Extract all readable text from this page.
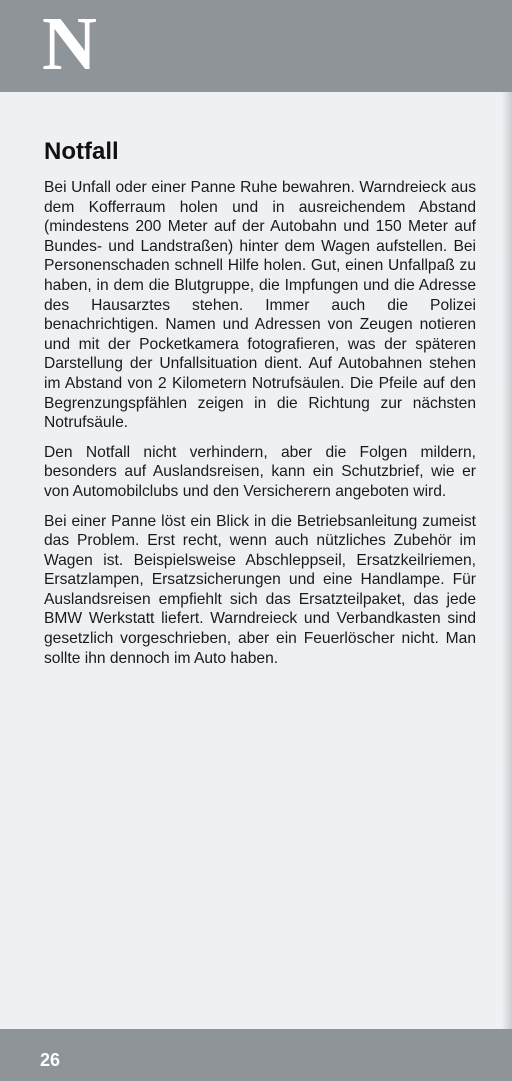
N
Notfall

Bei Unfall oder einer Panne Ruhe bewahren. Warndreieck aus dem Kofferraum holen und in ausreichendem Abstand (mindestens 200 Meter auf der Autobahn und 150 Meter auf Bundes- und Landstraßen) hinter dem Wagen aufstellen. Bei Personenschaden schnell Hilfe holen. Gut, einen Unfallpaß zu haben, in dem die Blutgruppe, die Impfungen und die Adresse des Hausarztes stehen. Immer auch die Polizei benachrichtigen. Namen und Adressen von Zeugen notieren und mit der Pocketkamera fotografieren, was der späteren Darstellung der Unfallsituation dient. Auf Autobahnen stehen im Abstand von 2 Kilometern Notrufsäulen. Die Pfeile auf den Begrenzungspfählen zeigen in die Richtung zur nächsten Notrufsäule.

Den Notfall nicht verhindern, aber die Folgen mildern, besonders auf Auslandsreisen, kann ein Schutzbrief, wie er von Automobilclubs und den Versicherern angeboten wird.

Bei einer Panne löst ein Blick in die Betriebsanleitung zumeist das Problem. Erst recht, wenn auch nützliches Zubehör im Wagen ist. Beispielsweise Abschleppseil, Ersatzkeilriemen, Ersatzlampen, Ersatzsicherungen und eine Handlampe. Für Auslandsreisen empfiehlt sich das Ersatzteilpaket, das jede BMW Werkstatt liefert. Warndreieck und Verbandkasten sind gesetzlich vorgeschrieben, aber ein Feuerlöscher nicht. Man sollte ihn dennoch im Auto haben.

26
